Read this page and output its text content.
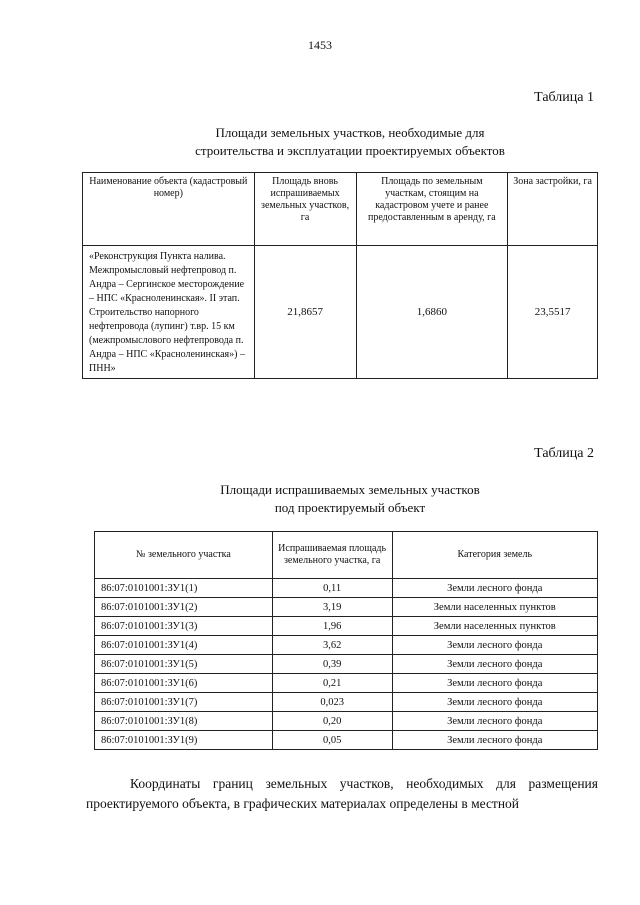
1453
Таблица 1
Площади земельных участков, необходимые для
строительства и эксплуатации проектируемых объектов
Наименование объекта (кадастровый номер)	Площадь вновь испрашиваемых земельных участков, га	Площадь по земельным участкам, стоящим на кадастровом учете и ранее предоставленным в аренду, га	Зона застройки, га
«Реконструкция Пункта налива. Межпромысловый нефтепровод п. Андра – Сергинское месторождение – НПС «Красноленинская». II этап. Строительство напорного нефтепровода (лупинг) т.вр. 15 км (межпромыслового нефтепровода п. Андра – НПС «Красноленинская») – ПНН»	21,8657	1,6860	23,5517
Таблица 2
Площади испрашиваемых земельных участков
под проектируемый объект
№ земельного участка	Испрашиваемая площадь земельного участка, га	Категория земель
86:07:0101001:ЗУ1(1)	0,11	Земли лесного фонда
86:07:0101001:ЗУ1(2)	3,19	Земли населенных пунктов
86:07:0101001:ЗУ1(3)	1,96	Земли населенных пунктов
86:07:0101001:ЗУ1(4)	3,62	Земли лесного фонда
86:07:0101001:ЗУ1(5)	0,39	Земли лесного фонда
86:07:0101001:ЗУ1(6)	0,21	Земли лесного фонда
86:07:0101001:ЗУ1(7)	0,023	Земли лесного фонда
86:07:0101001:ЗУ1(8)	0,20	Земли лесного фонда
86:07:0101001:ЗУ1(9)	0,05	Земли лесного фонда
Координаты границ земельных участков, необходимых для размещения проектируемого объекта, в графических материалах определены в местной
